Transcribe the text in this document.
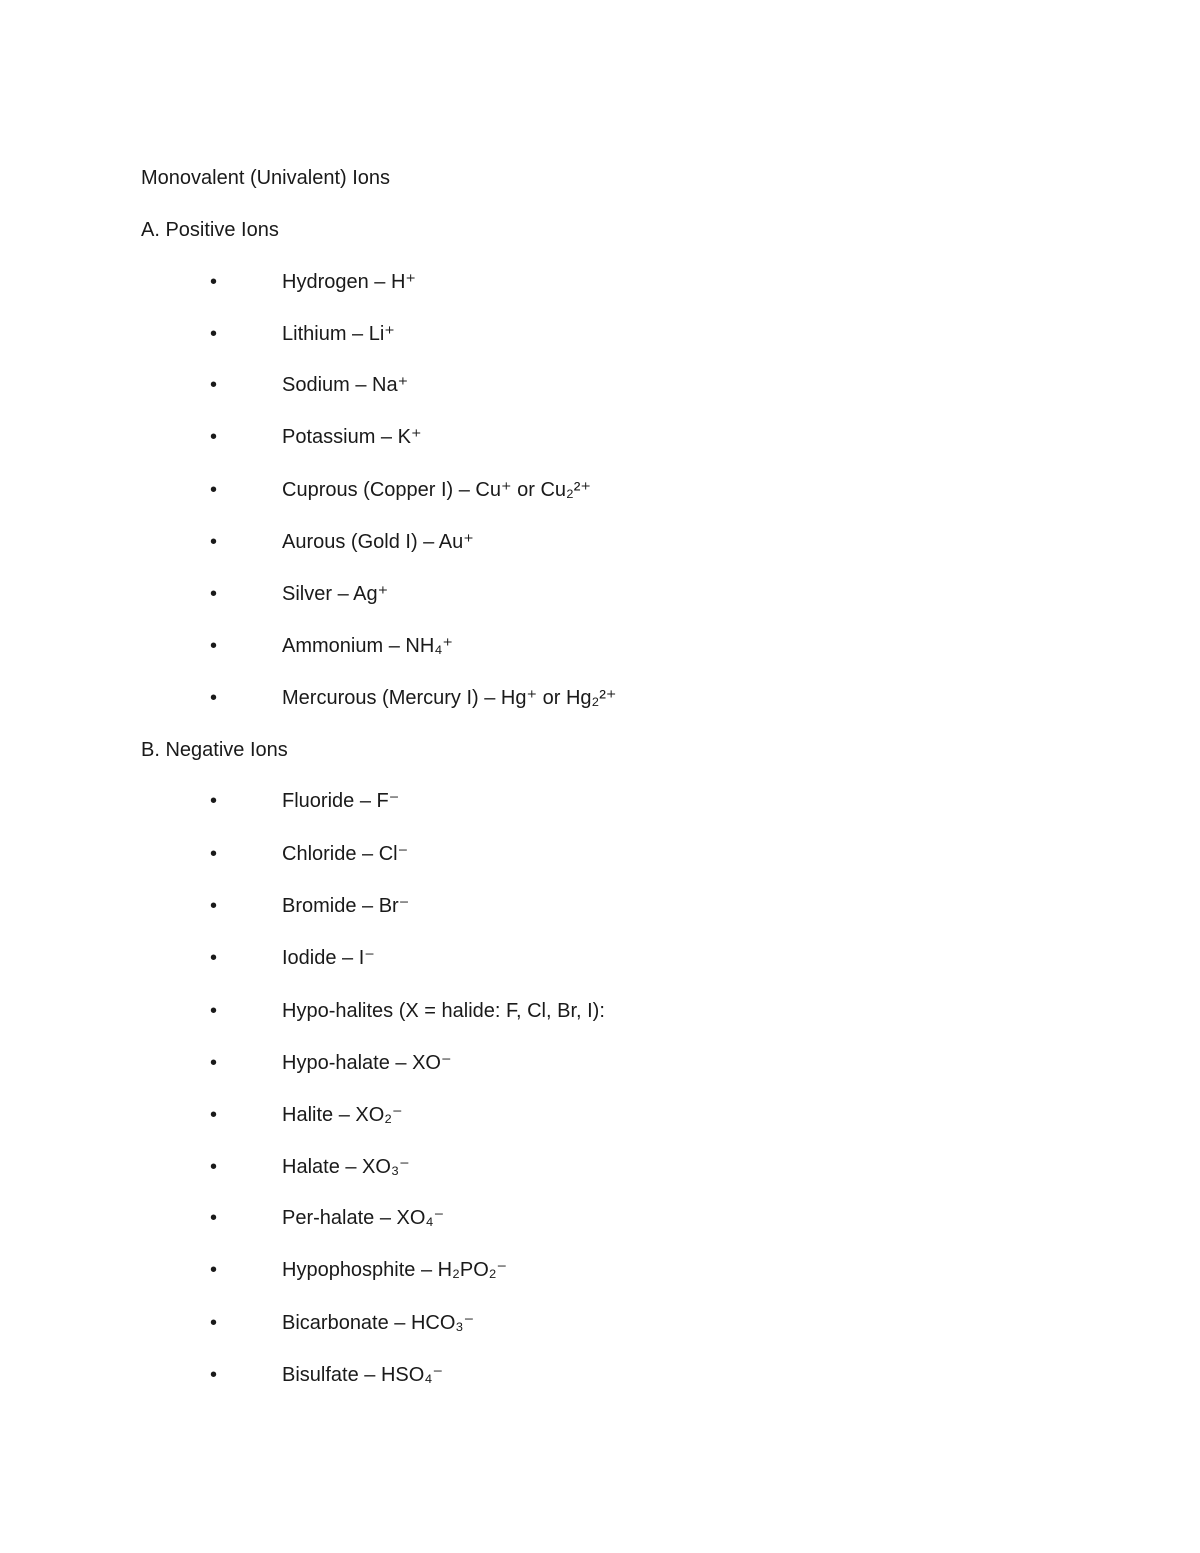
Monovalent (Univalent) Ions
A. Positive Ions
•	Hydrogen – H⁺
•	Lithium – Li⁺
•	Sodium – Na⁺
•	Potassium – K⁺
•	Cuprous (Copper I) – Cu⁺ or Cu₂²⁺
•	Aurous (Gold I) – Au⁺
•	Silver – Ag⁺
•	Ammonium – NH₄⁺
•	Mercurous (Mercury I) – Hg⁺ or Hg₂²⁺
B. Negative Ions
•	Fluoride – F⁻
•	Chloride – Cl⁻
•	Bromide – Br⁻
•	Iodide – I⁻
•	Hypo-halites (X = halide: F, Cl, Br, I):
•	Hypo-halate – XO⁻
•	Halite – XO₂⁻
•	Halate – XO₃⁻
•	Per-halate – XO₄⁻
•	Hypophosphite – H₂PO₂⁻
•	Bicarbonate – HCO₃⁻
•	Bisulfate – HSO₄⁻
